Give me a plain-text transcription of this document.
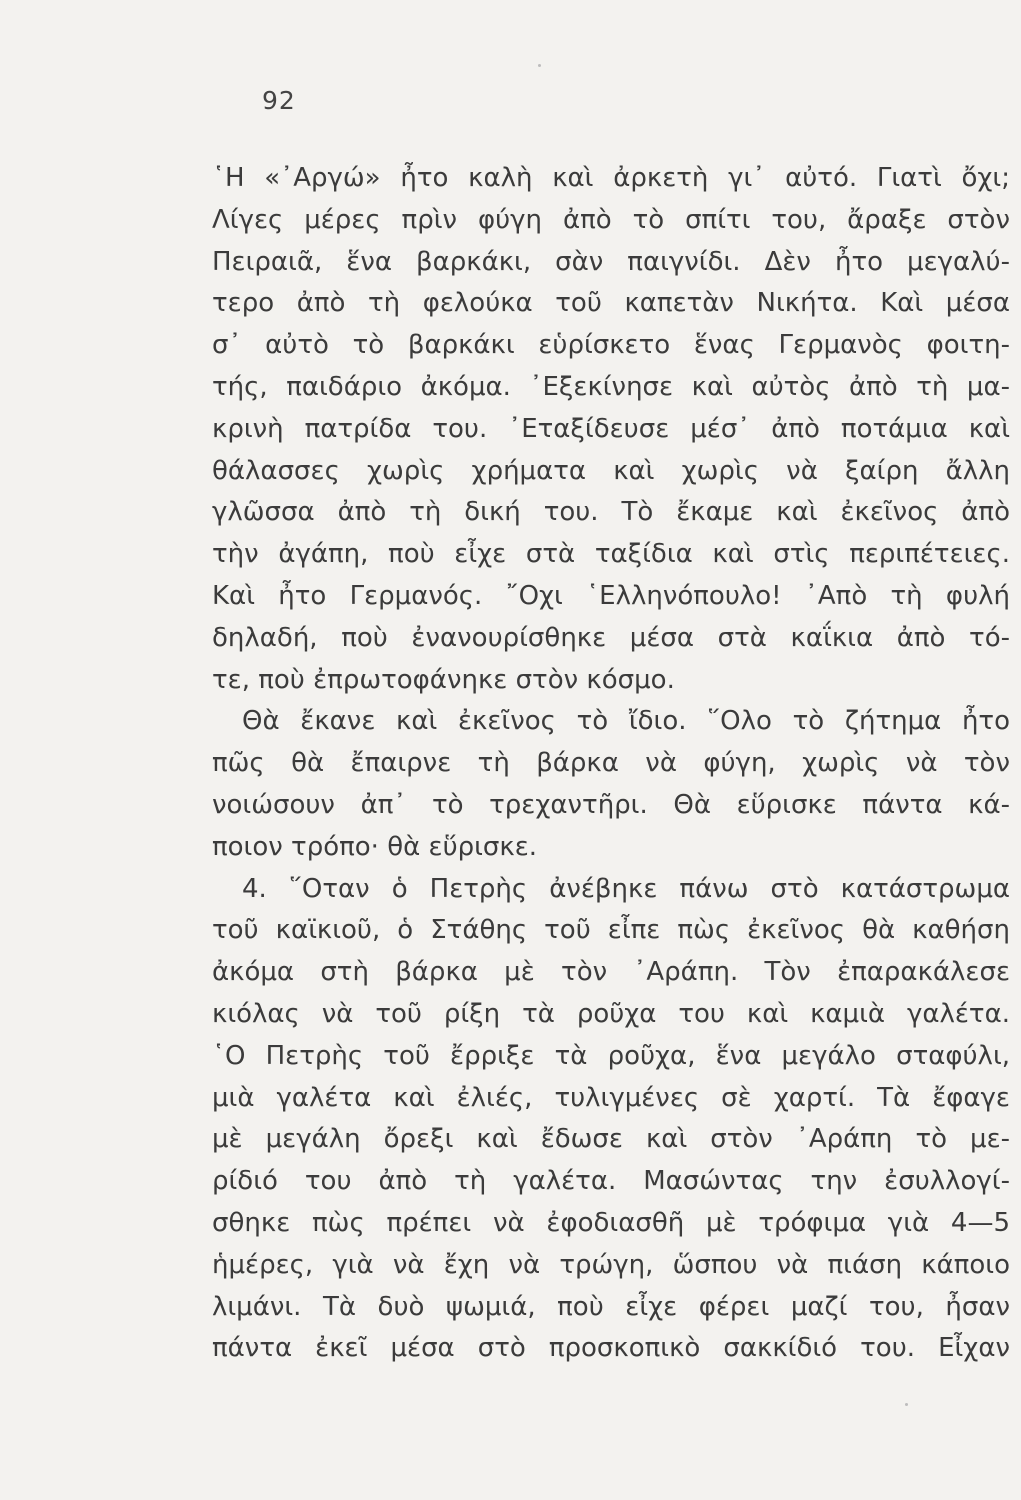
92
῾Η «᾿Αργώ» ἦτο καλὴ καὶ ἀρκετὴ γι᾿ αὐτό. Γιατὶ ὄχι;
Λίγες μέρες πρὶν φύγη ἀπὸ τὸ σπίτι του, ἄραξε στὸν
Πειραιᾶ, ἕνα βαρκάκι, σὰν παιγνίδι. Δὲν ἦτο μεγαλύ-
τερο ἀπὸ τὴ φελούκα τοῦ καπετὰν Νικήτα. Καὶ μέσα
σ᾿ αὐτὸ τὸ βαρκάκι εὑρίσκετο ἕνας Γερμανὸς φοιτη-
τής, παιδάριο ἀκόμα. ᾿Εξεκίνησε καὶ αὐτὸς ἀπὸ τὴ μα-
κρινὴ πατρίδα του. ᾿Εταξίδευσε μέσ᾿ ἀπὸ ποτάμια καὶ
θάλασσες χωρὶς χρήματα καὶ χωρὶς νὰ ξαίρη ἄλλη
γλῶσσα ἀπὸ τὴ δική του. Τὸ ἔκαμε καὶ ἐκεῖνος ἀπὸ
τὴν ἀγάπη, ποὺ εἶχε στὰ ταξίδια καὶ στὶς περιπέτειες.
Καὶ ἦτο Γερμανός. ῎Οχι ῾Ελληνόπουλο! ᾿Απὸ τὴ φυλή
δηλαδή, ποὺ ἐνανουρίσθηκε μέσα στὰ καΐκια ἀπὸ τό-
τε, ποὺ ἐπρωτοφάνηκε στὸν κόσμο.
Θὰ ἔκανε καὶ ἐκεῖνος τὸ ἴδιο. ῞Ολο τὸ ζήτημα ἦτο
πῶς θὰ ἔπαιρνε τὴ βάρκα νὰ φύγη, χωρὶς νὰ τὸν
νοιώσουν ἀπ᾿ τὸ τρεχαντῆρι. Θὰ εὕρισκε πάντα κά-
ποιον τρόπο· θὰ εὕρισκε.
4. ῞Οταν ὁ Πετρὴς ἀνέβηκε πάνω στὸ κατάστρωμα
τοῦ καϊκιοῦ, ὁ Στάθης τοῦ εἶπε πὼς ἐκεῖνος θὰ καθήση
ἀκόμα στὴ βάρκα μὲ τὸν ᾿Αράπη. Τὸν ἐπαρακάλεσε
κιόλας νὰ τοῦ ρίξη τὰ ροῦχα του καὶ καμιὰ γαλέτα.
῾Ο Πετρὴς τοῦ ἔρριξε τὰ ροῦχα, ἕνα μεγάλο σταφύλι,
μιὰ γαλέτα καὶ ἐλιές, τυλιγμένες σὲ χαρτί. Τὰ ἔφαγε
μὲ μεγάλη ὄρεξι καὶ ἔδωσε καὶ στὸν ᾿Αράπη τὸ με-
ρίδιό του ἀπὸ τὴ γαλέτα. Μασώντας την ἐσυλλογί-
σθηκε πὼς πρέπει νὰ ἐφοδιασθῆ μὲ τρόφιμα γιὰ 4—5
ἡμέρες, γιὰ νὰ ἔχη νὰ τρώγη, ὥσπου νὰ πιάση κάποιο
λιμάνι. Τὰ δυὸ ψωμιά, ποὺ εἶχε φέρει μαζί του, ἦσαν
πάντα ἐκεῖ μέσα στὸ προσκοπικὸ σακκίδιό του. Εἶχαν
